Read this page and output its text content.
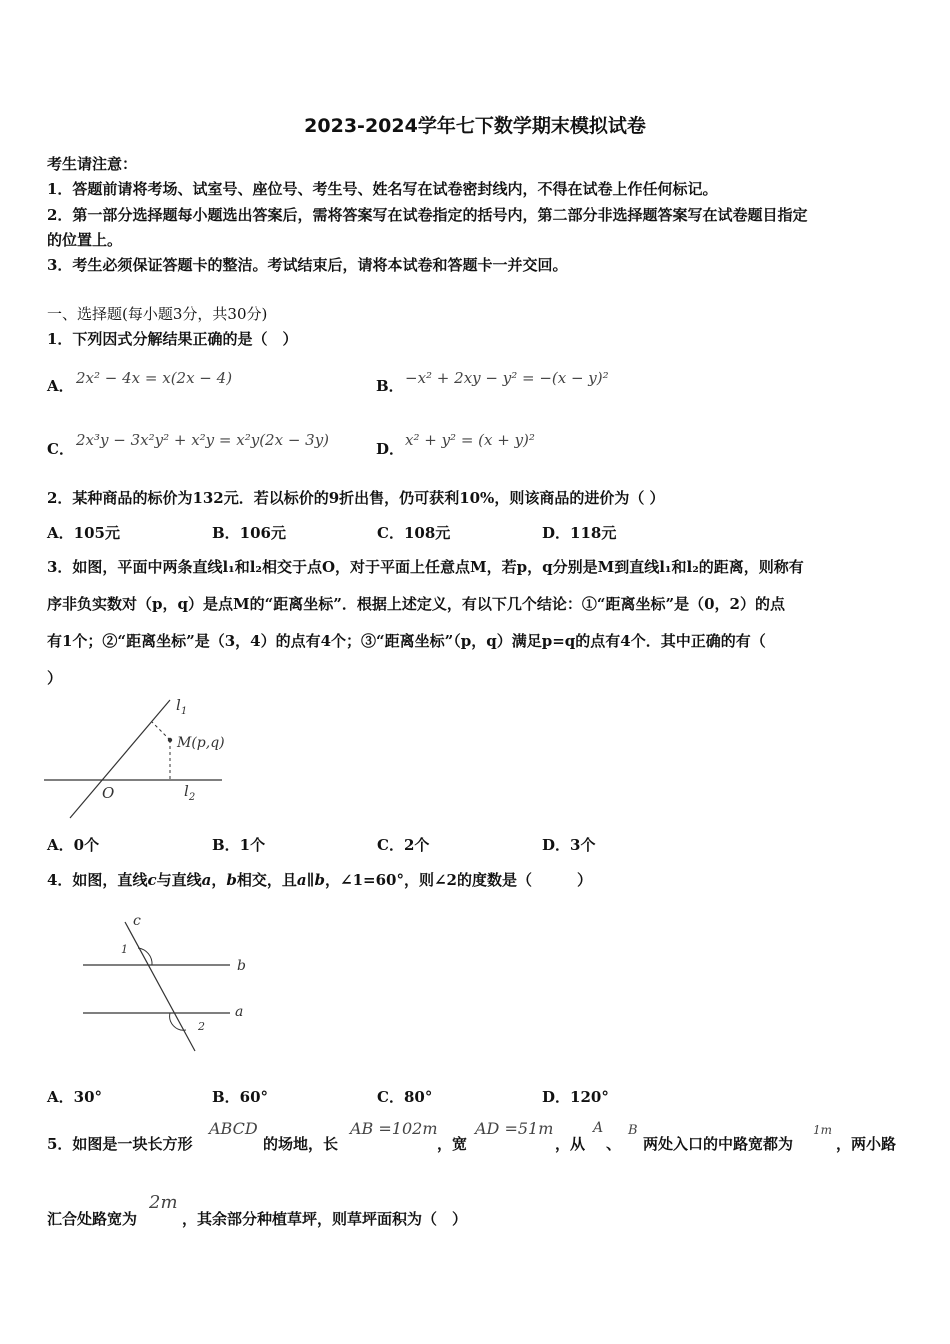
2023-2024学年七下数学期末模拟试卷
考生请注意：
1．答题前请将考场、试室号、座位号、考生号、姓名写在试卷密封线内，不得在试卷上作任何标记。
2．第一部分选择题每小题选出答案后，需将答案写在试卷指定的括号内，第二部分非选择题答案写在试卷题目指定
的位置上。
3．考生必须保证答题卡的整洁。考试结束后，请将本试卷和答题卡一并交回。
一、选择题(每小题3分，共30分)
1．下列因式分解结果正确的是（　）
A． 2x² − 4x = x(2x − 4)	B． −x² + 2xy − y² = −(x − y)²
C． 2x³y − 3x²y² + x²y = x²y(2x − 3y)	D． x² + y² = (x + y)²
2．某种商品的标价为132元．若以标价的9折出售，仍可获利10%，则该商品的进价为（ ）
A．105元	B．106元	C．108元	D．118元
3．如图，平面中两条直线l₁和l₂相交于点O，对于平面上任意点M，若p，q分别是M到直线l₁和l₂的距离，则称有
序非负实数对（p，q）是点M的“距离坐标”．根据上述定义，有以下几个结论：①“距离坐标”是（0，2）的点
有1个；②“距离坐标”是（3，4）的点有4个；③“距离坐标”（p，q）满足p=q的点有4个．其中正确的有（
）
$l_1$
M(p,q)
O	$l_2$
A．0个	B．1个	C．2个	D．3个
4．如图，直线c与直线a，b相交，且a∥b，∠1=60°，则∠2的度数是（　　　）
c
1
b
a
2
A．30°	B．60°	C．80°	D．120°
5．如图是一块长方形
ABCD
的场地，长
AB =102m
，宽
AD =51m
，从
A
、
B
两处入口的中路宽都为
1m
，两小路
汇合处路宽为
2m
，其余部分种植草坪，则草坪面积为（　）
